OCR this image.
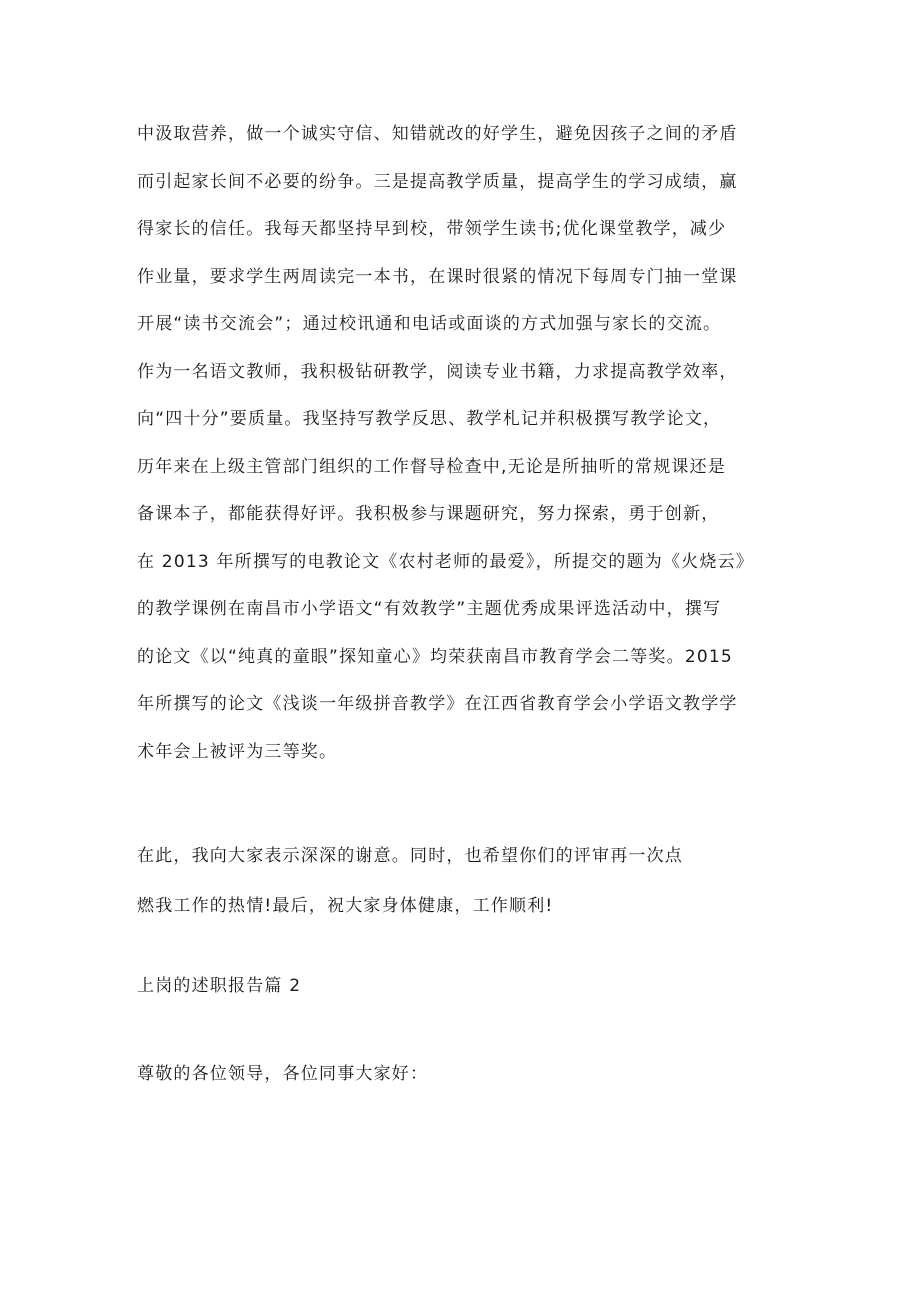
中汲取营养，做一个诚实守信、知错就改的好学生，避免因孩子之间的矛盾
而引起家长间不必要的纷争。三是提高教学质量，提高学生的学习成绩，赢
得家长的信任。我每天都坚持早到校，带领学生读书;优化课堂教学，减少
作业量，要求学生两周读完一本书，在课时很紧的情况下每周专门抽一堂课
开展“读书交流会”；通过校讯通和电话或面谈的方式加强与家长的交流。
作为一名语文教师，我积极钻研教学，阅读专业书籍，力求提高教学效率，
向“四十分”要质量。我坚持写教学反思、教学札记并积极撰写教学论文，
历年来在上级主管部门组织的工作督导检查中,无论是所抽听的常规课还是
备课本子，都能获得好评。我积极参与课题研究，努力探索，勇于创新，
在 2013 年所撰写的电教论文《农村老师的最爱》，所提交的题为《火烧云》
的教学课例在南昌市小学语文“有效教学”主题优秀成果评选活动中，撰写
的论文《以“纯真的童眼”探知童心》均荣获南昌市教育学会二等奖。2015
年所撰写的论文《浅谈一年级拼音教学》在江西省教育学会小学语文教学学
术年会上被评为三等奖。
在此，我向大家表示深深的谢意。同时，也希望你们的评审再一次点
燃我工作的热情!最后，祝大家身体健康，工作顺利!
上岗的述职报告篇 2
尊敬的各位领导，各位同事大家好：
